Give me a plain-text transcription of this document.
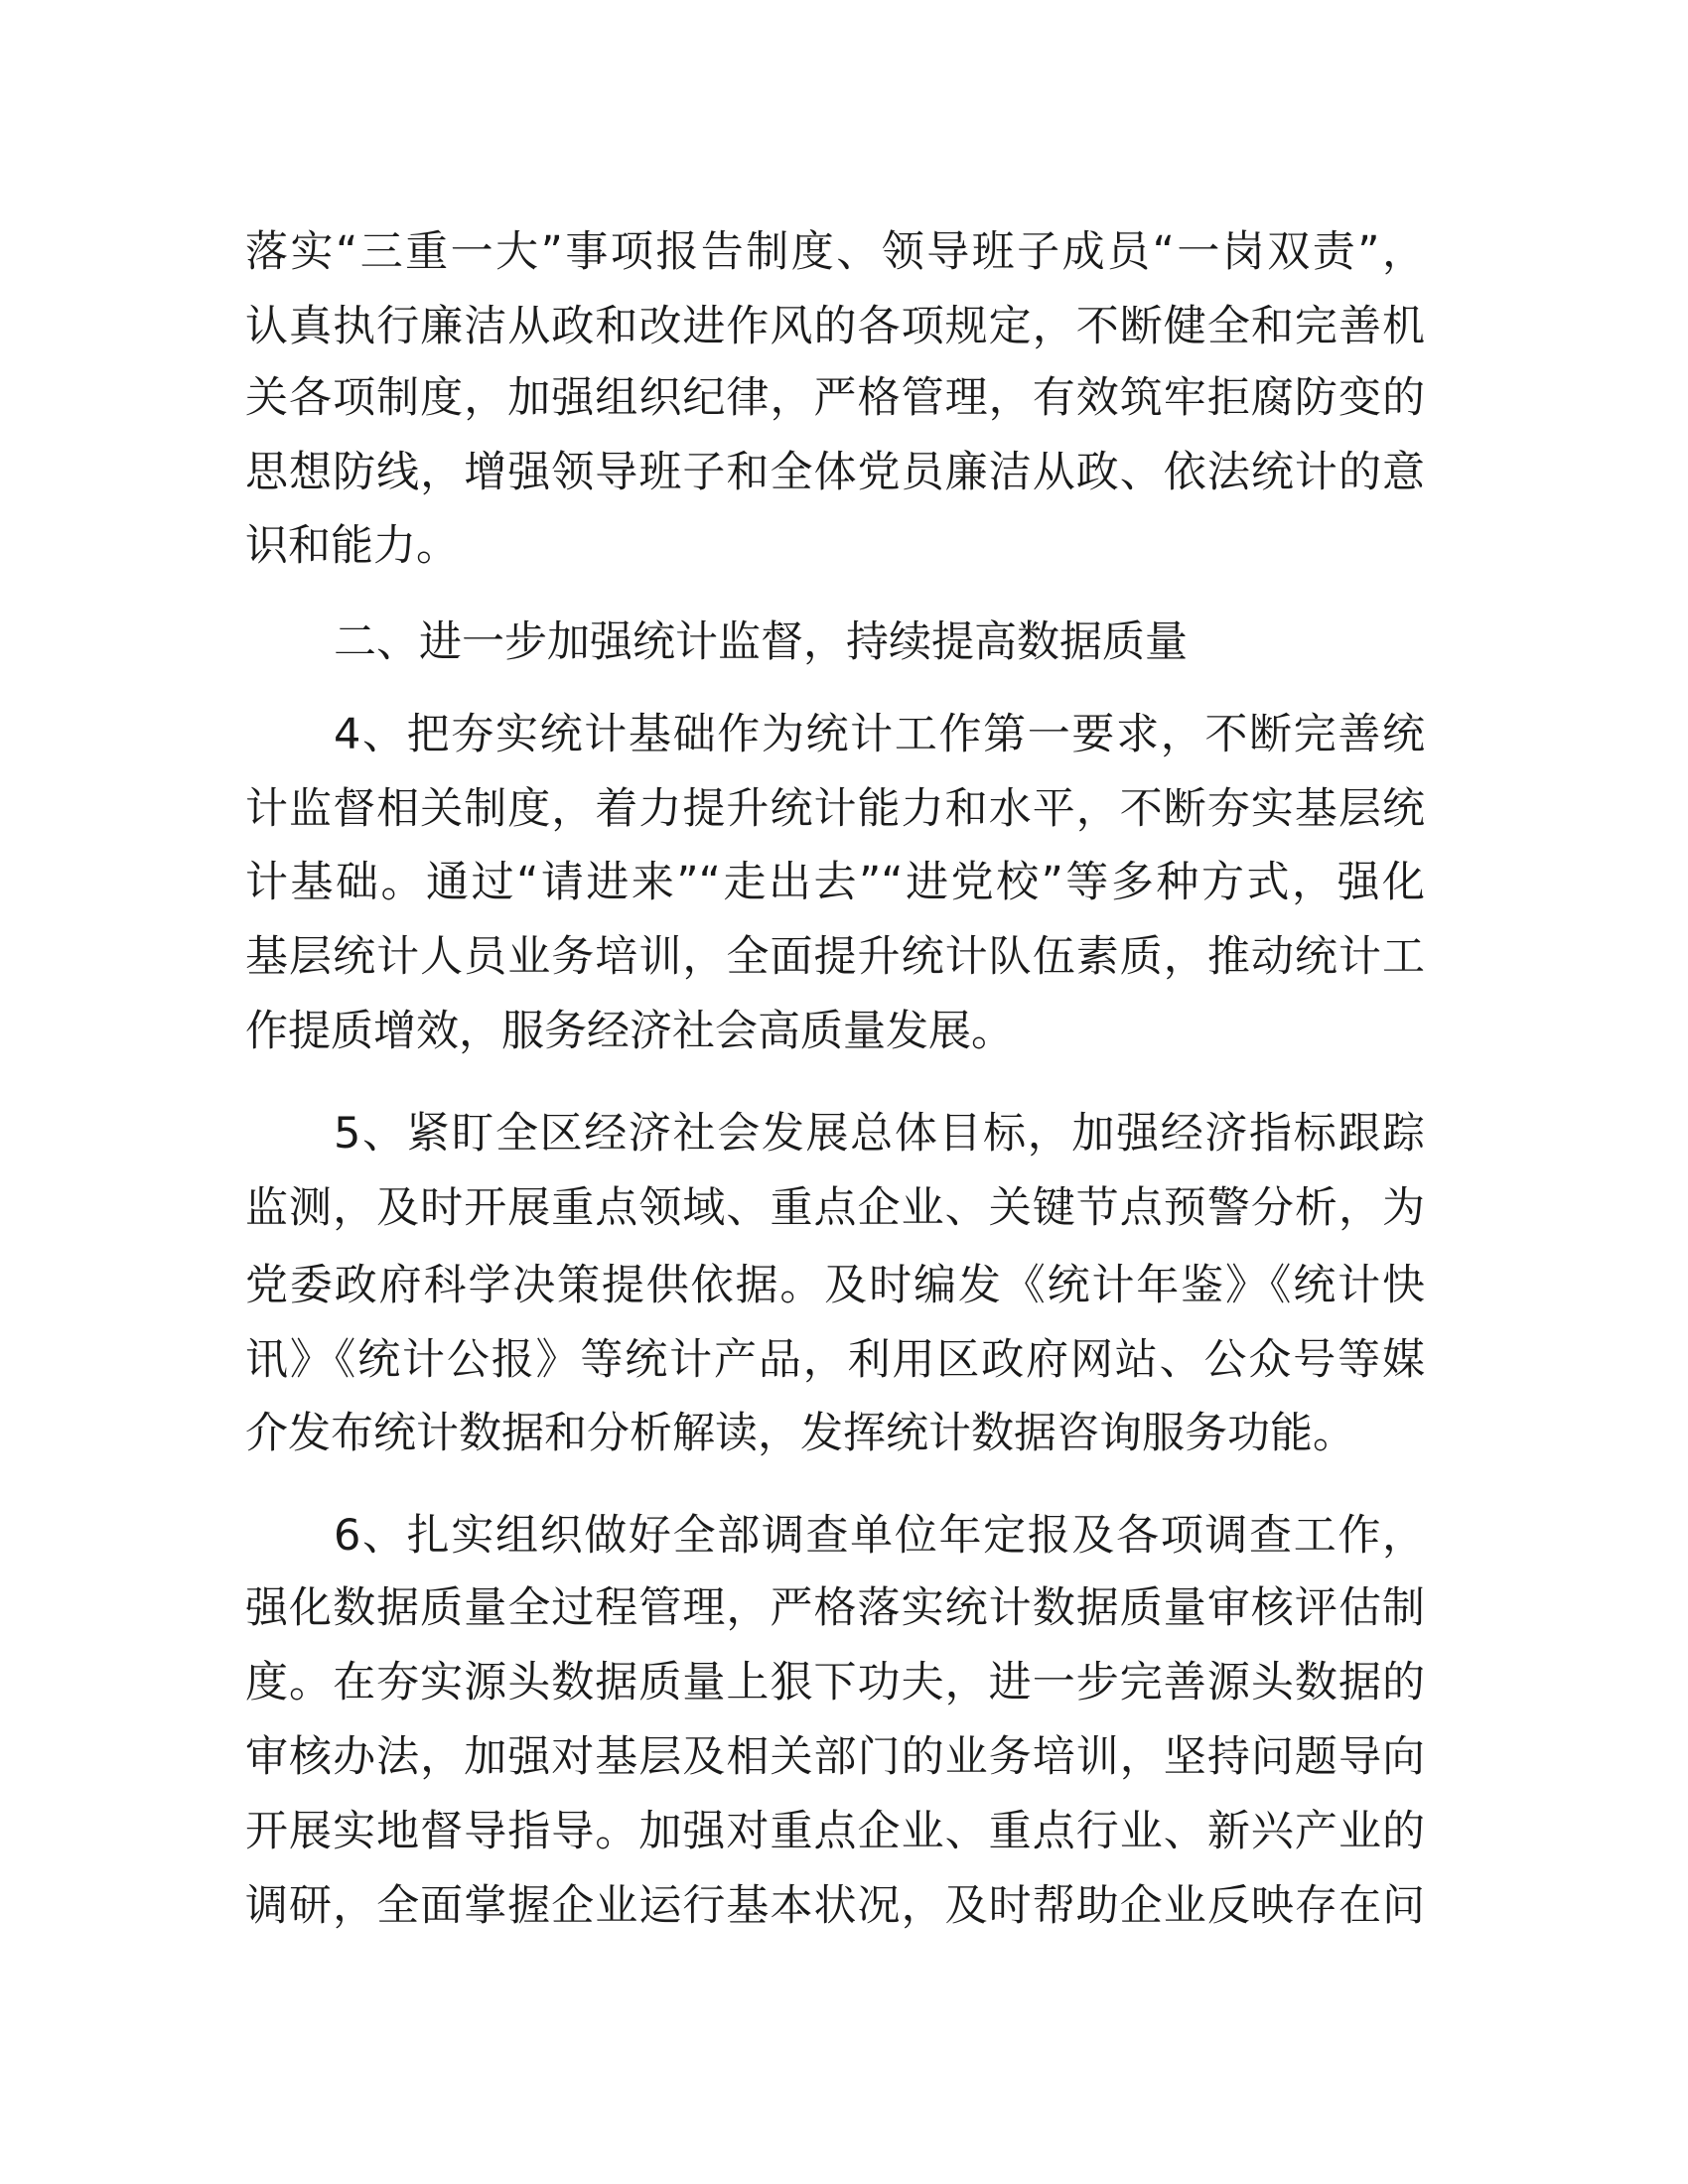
落实“三重一大”事项报告制度、领导班子成员“一岗双责”，
认真执行廉洁从政和改进作风的各项规定，不断健全和完善机
关各项制度，加强组织纪律，严格管理，有效筑牢拒腐防变的
思想防线，增强领导班子和全体党员廉洁从政、依法统计的意
识和能力。
二、进一步加强统计监督，持续提高数据质量
4、把夯实统计基础作为统计工作第一要求，不断完善统
计监督相关制度，着力提升统计能力和水平，不断夯实基层统
计基础。通过“请进来”“走出去”“进党校”等多种方式，强化
基层统计人员业务培训，全面提升统计队伍素质，推动统计工
作提质增效，服务经济社会高质量发展。
5、紧盯全区经济社会发展总体目标，加强经济指标跟踪
监测，及时开展重点领域、重点企业、关键节点预警分析，为
党委政府科学决策提供依据。及时编发《统计年鉴》《统计快
讯》《统计公报》等统计产品，利用区政府网站、公众号等媒
介发布统计数据和分析解读，发挥统计数据咨询服务功能。
6、扎实组织做好全部调查单位年定报及各项调查工作，
强化数据质量全过程管理，严格落实统计数据质量审核评估制
度。在夯实源头数据质量上狠下功夫，进一步完善源头数据的
审核办法，加强对基层及相关部门的业务培训，坚持问题导向
开展实地督导指导。加强对重点企业、重点行业、新兴产业的
调研，全面掌握企业运行基本状况，及时帮助企业反映存在问
